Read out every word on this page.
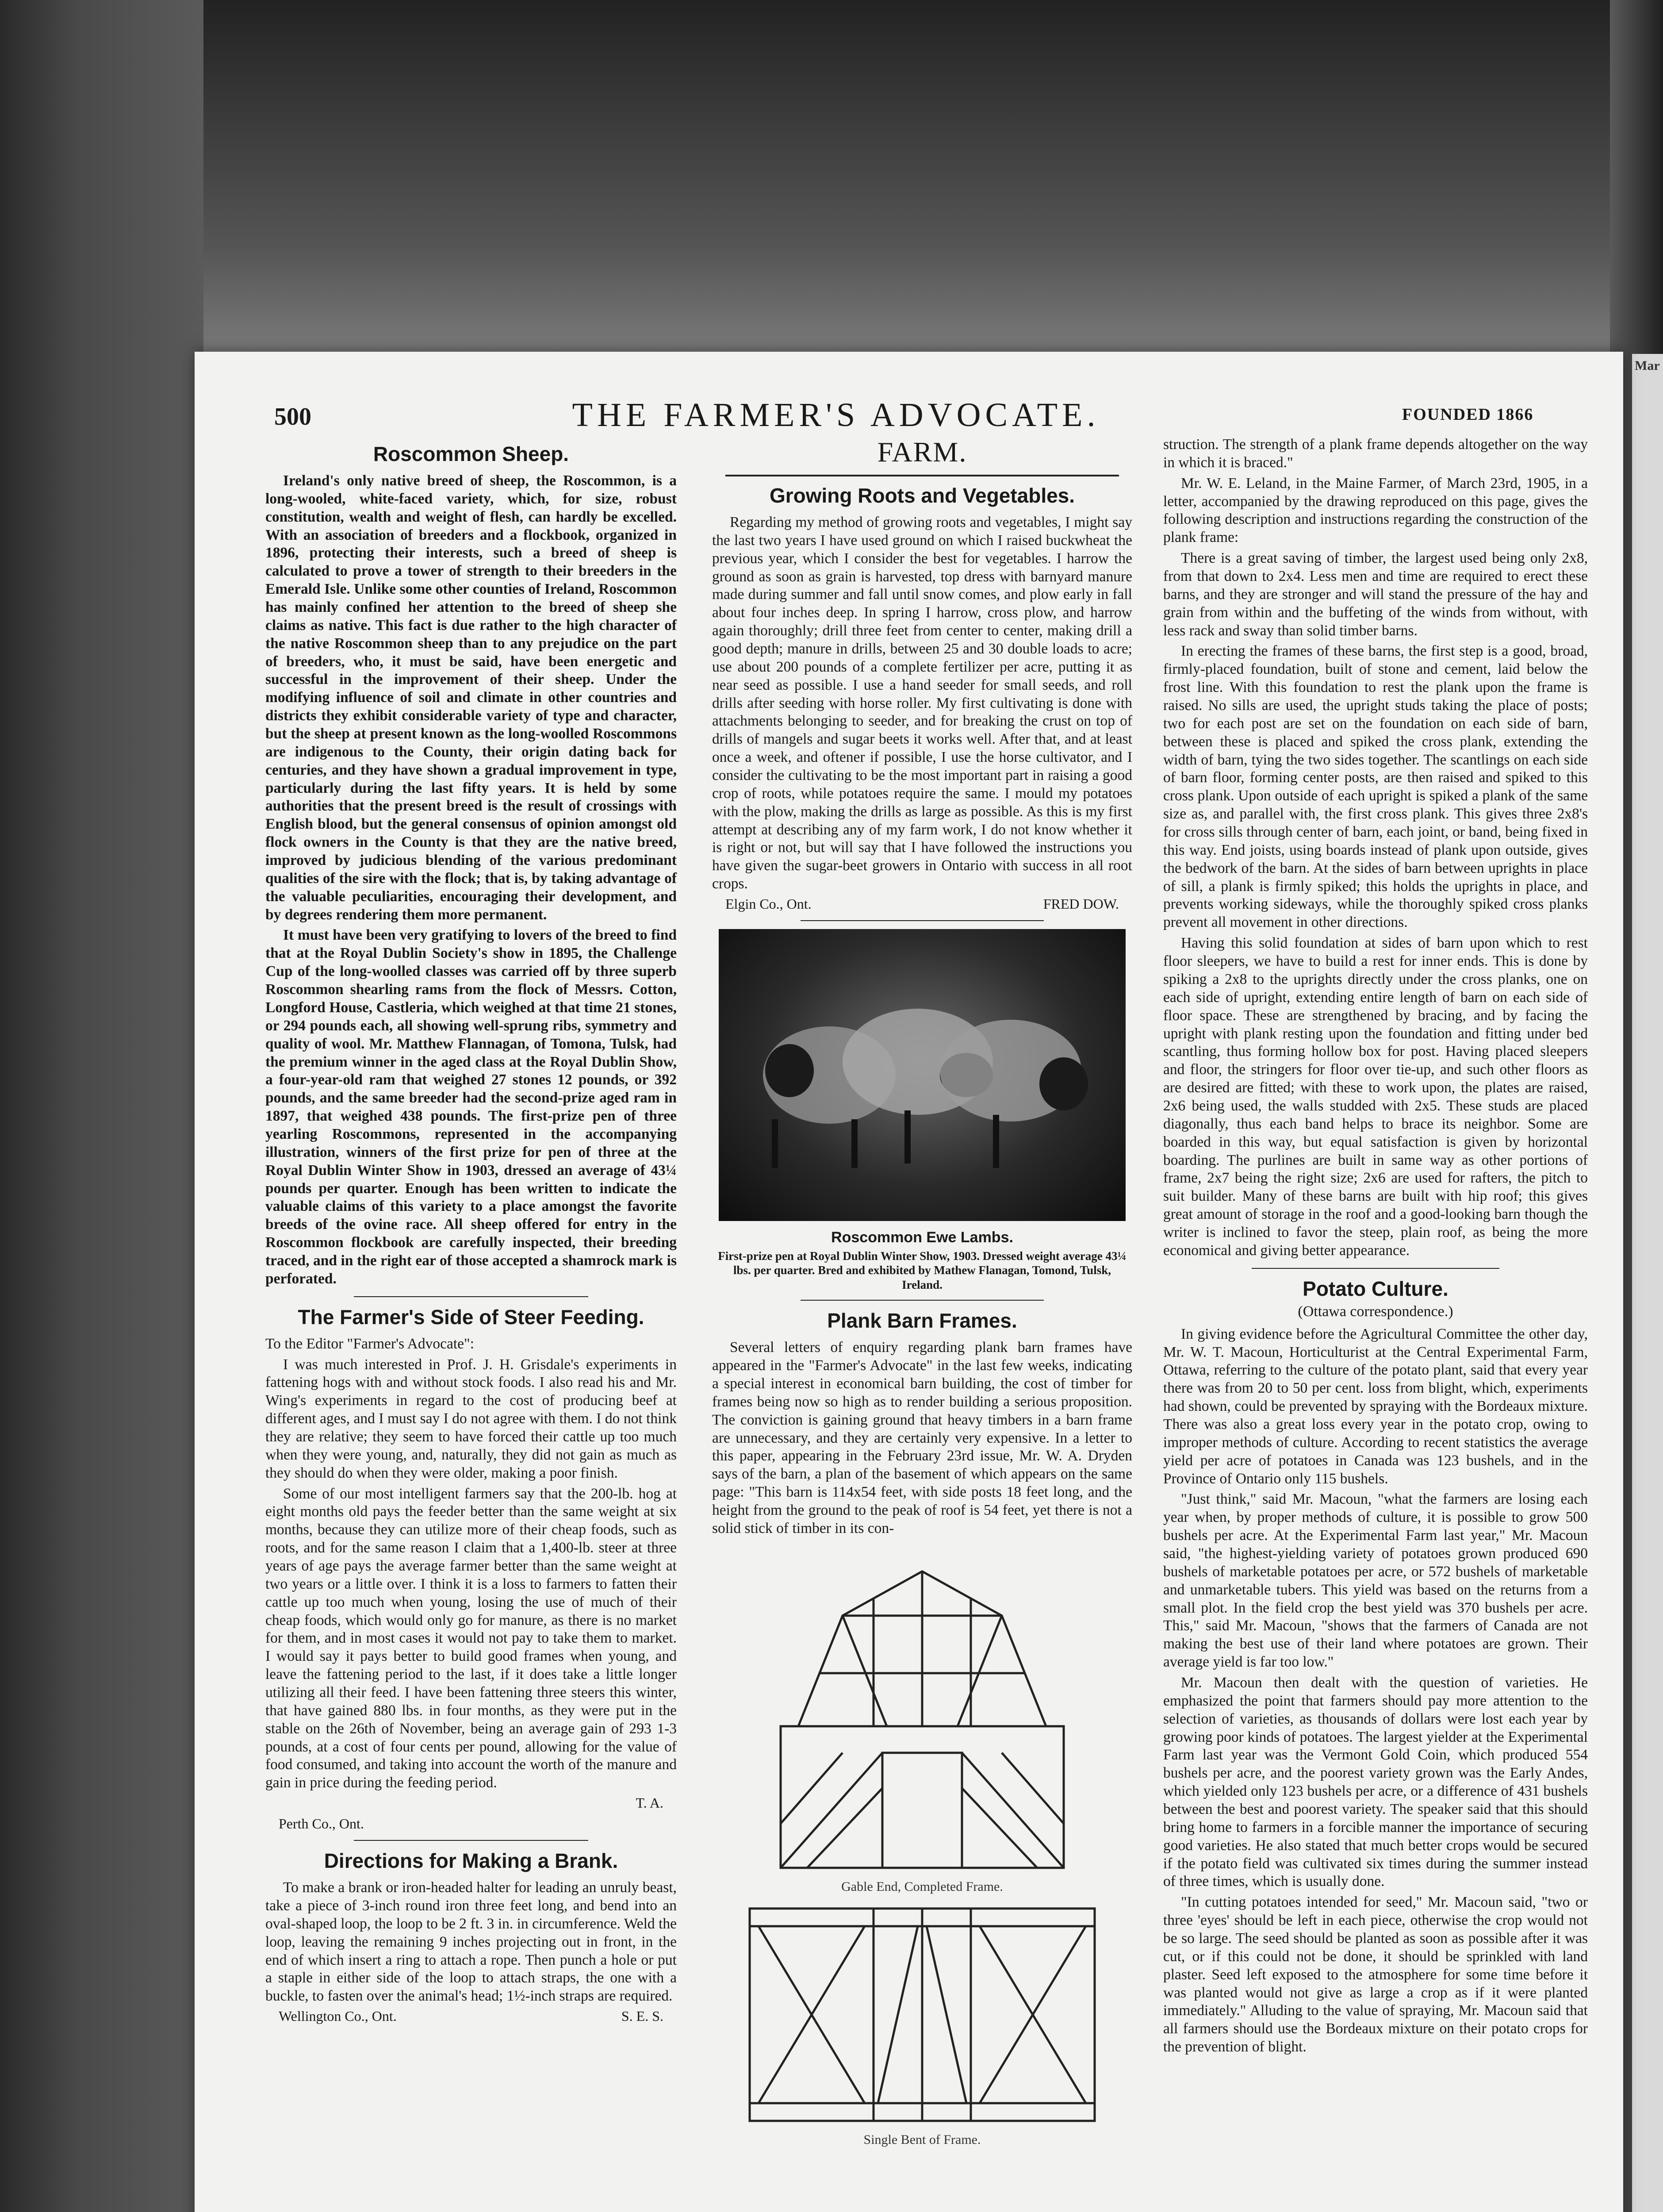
Mar
500	THE FARMER'S ADVOCATE.	FOUNDED 1866
Roscommon Sheep.

Ireland's only native breed of sheep, the Roscommon, is a long-wooled, white-faced variety, which, for size, robust constitution, wealth and weight of flesh, can hardly be excelled. With an association of breeders and a flockbook, organized in 1896, protecting their interests, such a breed of sheep is calculated to prove a tower of strength to their breeders in the Emerald Isle. Unlike some other counties of Ireland, Roscommon has mainly confined her attention to the breed of sheep she claims as native. This fact is due rather to the high character of the native Roscommon sheep than to any prejudice on the part of breeders, who, it must be said, have been energetic and successful in the improvement of their sheep. Under the modifying influence of soil and climate in other countries and districts they exhibit considerable variety of type and character, but the sheep at present known as the long-woolled Roscommons are indigenous to the County, their origin dating back for centuries, and they have shown a gradual improvement in type, particularly during the last fifty years. It is held by some authorities that the present breed is the result of crossings with English blood, but the general consensus of opinion amongst old flock owners in the County is that they are the native breed, improved by judicious blending of the various predominant qualities of the sire with the flock; that is, by taking advantage of the valuable peculiarities, encouraging their development, and by degrees rendering them more permanent.

It must have been very gratifying to lovers of the breed to find that at the Royal Dublin Society's show in 1895, the Challenge Cup of the long-woolled classes was carried off by three superb Roscommon shearling rams from the flock of Messrs. Cotton, Longford House, Castleria, which weighed at that time 21 stones, or 294 pounds each, all showing well-sprung ribs, symmetry and quality of wool. Mr. Matthew Flannagan, of Tomona, Tulsk, had the premium winner in the aged class at the Royal Dublin Show, a four-year-old ram that weighed 27 stones 12 pounds, or 392 pounds, and the same breeder had the second-prize aged ram in 1897, that weighed 438 pounds. The first-prize pen of three yearling Roscommons, represented in the accompanying illustration, winners of the first prize for pen of three at the Royal Dublin Winter Show in 1903, dressed an average of 43¼ pounds per quarter. Enough has been written to indicate the valuable claims of this variety to a place amongst the favorite breeds of the ovine race. All sheep offered for entry in the Roscommon flockbook are carefully inspected, their breeding traced, and in the right ear of those accepted a shamrock mark is perforated.

The Farmer's Side of Steer Feeding.

To the Editor "Farmer's Advocate":

I was much interested in Prof. J. H. Grisdale's experiments in fattening hogs with and without stock foods. I also read his and Mr. Wing's experiments in regard to the cost of producing beef at different ages, and I must say I do not agree with them. I do not think they are relative; they seem to have forced their cattle up too much when they were young, and, naturally, they did not gain as much as they should do when they were older, making a poor finish.

Some of our most intelligent farmers say that the 200-lb. hog at eight months old pays the feeder better than the same weight at six months, because they can utilize more of their cheap foods, such as roots, and for the same reason I claim that a 1,400-lb. steer at three years of age pays the average farmer better than the same weight at two years or a little over. I think it is a loss to farmers to fatten their cattle up too much when young, losing the use of much of their cheap foods, which would only go for manure, as there is no market for them, and in most cases it would not pay to take them to market. I would say it pays better to build good frames when young, and leave the fattening period to the last, if it does take a little longer utilizing all their feed. I have been fattening three steers this winter, that have gained 880 lbs. in four months, as they were put in the stable on the 26th of November, being an average gain of 293 1-3 pounds, at a cost of four cents per pound, allowing for the value of food consumed, and taking into account the worth of the manure and gain in price during the feeding period.

T. A.
Perth Co., Ont.
Directions for Making a Brank.

To make a brank or iron-headed halter for leading an unruly beast, take a piece of 3-inch round iron three feet long, and bend into an oval-shaped loop, the loop to be 2 ft. 3 in. in circumference. Weld the loop, leaving the remaining 9 inches projecting out in front, in the end of which insert a ring to attach a rope. Then punch a hole or put a staple in either side of the loop to attach straps, the one with a buckle, to fasten over the animal's head; 1½-inch straps are required.

Wellington Co., Ont.	S. E. S.
FARM.
Growing Roots and Vegetables.

Regarding my method of growing roots and vegetables, I might say the last two years I have used ground on which I raised buckwheat the previous year, which I consider the best for vegetables. I harrow the ground as soon as grain is harvested, top dress with barnyard manure made during summer and fall until snow comes, and plow early in fall about four inches deep. In spring I harrow, cross plow, and harrow again thoroughly; drill three feet from center to center, making drill a good depth; manure in drills, between 25 and 30 double loads to acre; use about 200 pounds of a complete fertilizer per acre, putting it as near seed as possible. I use a hand seeder for small seeds, and roll drills after seeding with horse roller. My first cultivating is done with attachments belonging to seeder, and for breaking the crust on top of drills of mangels and sugar beets it works well. After that, and at least once a week, and oftener if possible, I use the horse cultivator, and I consider the cultivating to be the most important part in raising a good crop of roots, while potatoes require the same. I mould my potatoes with the plow, making the drills as large as possible. As this is my first attempt at describing any of my farm work, I do not know whether it is right or not, but will say that I have followed the instructions you have given the sugar-beet growers in Ontario with success in all root crops.

Elgin Co., Ont.	FRED DOW.
Roscommon Ewe Lambs.
First-prize pen at Royal Dublin Winter Show, 1903. Dressed weight average 43¼ lbs. per quarter. Bred and exhibited by Mathew Flanagan, Tomond, Tulsk, Ireland.
Plank Barn Frames.

Several letters of enquiry regarding plank barn frames have appeared in the "Farmer's Advocate" in the last few weeks, indicating a special interest in economical barn building, the cost of timber for frames being now so high as to render building a serious proposition. The conviction is gaining ground that heavy timbers in a barn frame are unnecessary, and they are certainly very expensive. In a letter to this paper, appearing in the February 23rd issue, Mr. W. A. Dryden says of the barn, a plan of the basement of which appears on the same page: "This barn is 114x54 feet, with side posts 18 feet long, and the height from the ground to the peak of roof is 54 feet, yet there is not a solid stick of timber in its con-

Gable End, Completed Frame.
Single Bent of Frame.

struction. The strength of a plank frame depends altogether on the way in which it is braced."

Mr. W. E. Leland, in the Maine Farmer, of March 23rd, 1905, in a letter, accompanied by the drawing reproduced on this page, gives the following description and instructions regarding the construction of the plank frame:

There is a great saving of timber, the largest used being only 2x8, from that down to 2x4. Less men and time are required to erect these barns, and they are stronger and will stand the pressure of the hay and grain from within and the buffeting of the winds from without, with less rack and sway than solid timber barns.

In erecting the frames of these barns, the first step is a good, broad, firmly-placed foundation, built of stone and cement, laid below the frost line. With this foundation to rest the plank upon the frame is raised. No sills are used, the upright studs taking the place of posts; two for each post are set on the foundation on each side of barn, between these is placed and spiked the cross plank, extending the width of barn, tying the two sides together. The scantlings on each side of barn floor, forming center posts, are then raised and spiked to this cross plank. Upon outside of each upright is spiked a plank of the same size as, and parallel with, the first cross plank. This gives three 2x8's for cross sills through center of barn, each joint, or band, being fixed in this way. End joists, using boards instead of plank upon outside, gives the bedwork of the barn. At the sides of barn between uprights in place of sill, a plank is firmly spiked; this holds the uprights in place, and prevents working sideways, while the thoroughly spiked cross planks prevent all movement in other directions.

Having this solid foundation at sides of barn upon which to rest floor sleepers, we have to build a rest for inner ends. This is done by spiking a 2x8 to the uprights directly under the cross planks, one on each side of upright, extending entire length of barn on each side of floor space. These are strengthened by bracing, and by facing the upright with plank resting upon the foundation and fitting under bed scantling, thus forming hollow box for post. Having placed sleepers and floor, the stringers for floor over tie-up, and such other floors as are desired are fitted; with these to work upon, the plates are raised, 2x6 being used, the walls studded with 2x5. These studs are placed diagonally, thus each band helps to brace its neighbor. Some are boarded in this way, but equal satisfaction is given by horizontal boarding. The purlines are built in same way as other portions of frame, 2x7 being the right size; 2x6 are used for rafters, the pitch to suit builder. Many of these barns are built with hip roof; this gives great amount of storage in the roof and a good-looking barn though the writer is inclined to favor the steep, plain roof, as being the more economical and giving better appearance.

Potato Culture.
(Ottawa correspondence.)

In giving evidence before the Agricultural Committee the other day, Mr. W. T. Macoun, Horticulturist at the Central Experimental Farm, Ottawa, referring to the culture of the potato plant, said that every year there was from 20 to 50 per cent. loss from blight, which, experiments had shown, could be prevented by spraying with the Bordeaux mixture. There was also a great loss every year in the potato crop, owing to improper methods of culture. According to recent statistics the average yield per acre of potatoes in Canada was 123 bushels, and in the Province of Ontario only 115 bushels.

"Just think," said Mr. Macoun, "what the farmers are losing each year when, by proper methods of culture, it is possible to grow 500 bushels per acre. At the Experimental Farm last year," Mr. Macoun said, "the highest-yielding variety of potatoes grown produced 690 bushels of marketable potatoes per acre, or 572 bushels of marketable and unmarketable tubers. This yield was based on the returns from a small plot. In the field crop the best yield was 370 bushels per acre. This," said Mr. Macoun, "shows that the farmers of Canada are not making the best use of their land where potatoes are grown. Their average yield is far too low."

Mr. Macoun then dealt with the question of varieties. He emphasized the point that farmers should pay more attention to the selection of varieties, as thousands of dollars were lost each year by growing poor kinds of potatoes. The largest yielder at the Experimental Farm last year was the Vermont Gold Coin, which produced 554 bushels per acre, and the poorest variety grown was the Early Andes, which yielded only 123 bushels per acre, or a difference of 431 bushels between the best and poorest variety. The speaker said that this should bring home to farmers in a forcible manner the importance of securing good varieties. He also stated that much better crops would be secured if the potato field was cultivated six times during the summer instead of three times, which is usually done.

"In cutting potatoes intended for seed," Mr. Macoun said, "two or three 'eyes' should be left in each piece, otherwise the crop would not be so large. The seed should be planted as soon as possible after it was cut, or if this could not be done, it should be sprinkled with land plaster. Seed left exposed to the atmosphere for some time before it was planted would not give as large a crop as if it were planted immediately." Alluding to the value of spraying, Mr. Macoun said that all farmers should use the Bordeaux mixture on their potato crops for the prevention of blight.
